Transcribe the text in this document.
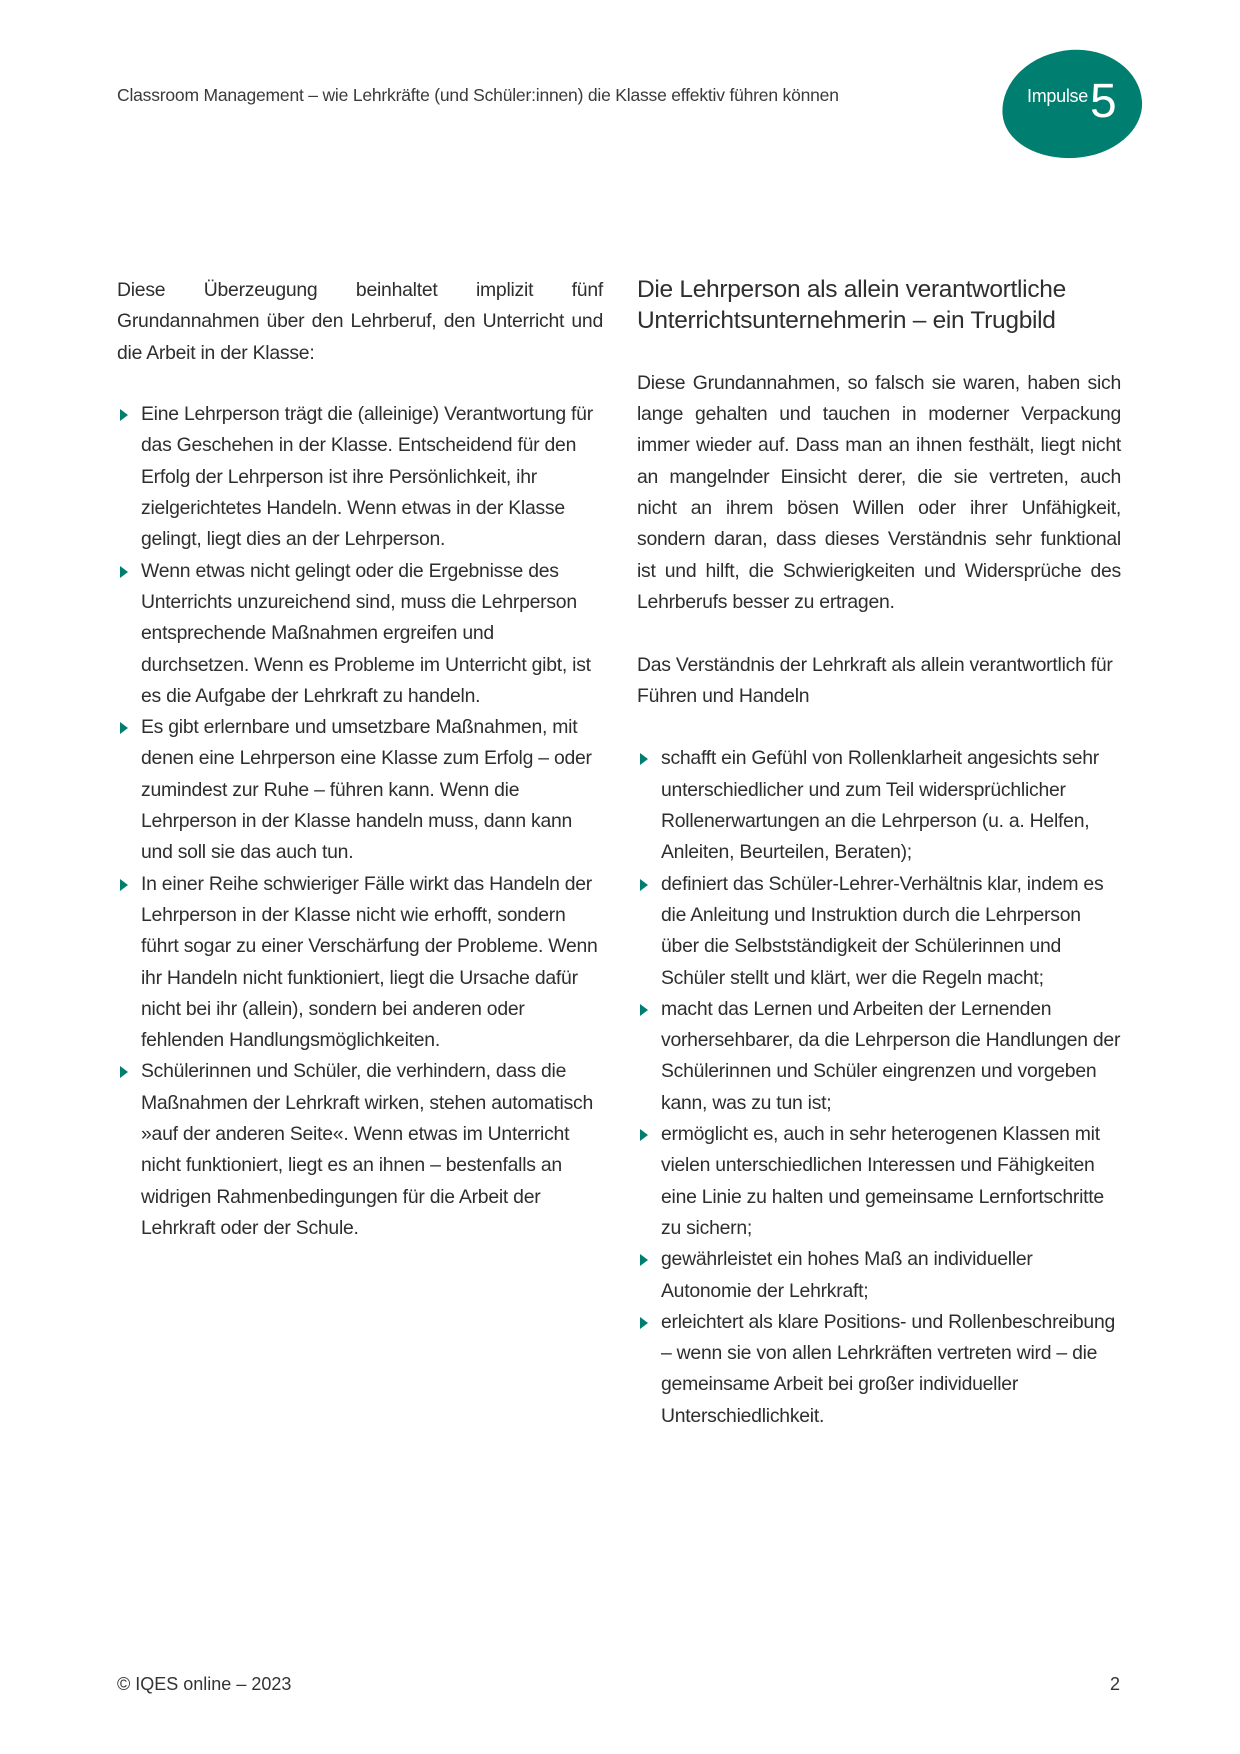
Classroom Management – wie Lehrkräfte (und Schüler:innen) die Klasse effektiv führen können	Impulse 5

Diese Überzeugung beinhaltet implizit fünf Grundannahmen über den Lehrberuf, den Unterricht und die Arbeit in der Klasse:

Eine Lehrperson trägt die (alleinige) Verantwortung für das Geschehen in der Klasse. Entscheidend für den Erfolg der Lehrperson ist ihre Persönlichkeit, ihr zielgerichtetes Handeln. Wenn etwas in der Klasse gelingt, liegt dies an der Lehrperson.
Wenn etwas nicht gelingt oder die Ergebnisse des Unterrichts unzureichend sind, muss die Lehrperson entsprechende Maßnahmen ergreifen und durchsetzen. Wenn es Probleme im Unterricht gibt, ist es die Aufgabe der Lehrkraft zu handeln.
Es gibt erlernbare und umsetzbare Maßnahmen, mit denen eine Lehrperson eine Klasse zum Erfolg – oder zumindest zur Ruhe – führen kann. Wenn die Lehrperson in der Klasse handeln muss, dann kann und soll sie das auch tun.
In einer Reihe schwieriger Fälle wirkt das Handeln der Lehrperson in der Klasse nicht wie erhofft, sondern führt sogar zu einer Verschärfung der Probleme. Wenn ihr Handeln nicht funktioniert, liegt die Ursache dafür nicht bei ihr (allein), sondern bei anderen oder fehlenden Handlungsmöglichkeiten.
Schülerinnen und Schüler, die verhindern, dass die Maßnahmen der Lehrkraft wirken, stehen automatisch »auf der anderen Seite«. Wenn etwas im Unterricht nicht funktioniert, liegt es an ihnen – bestenfalls an widrigen Rahmenbedingungen für die Arbeit der Lehrkraft oder der Schule.
Die Lehrperson als allein verantwortliche Unterrichtsunternehmerin – ein Trugbild

Diese Grundannahmen, so falsch sie waren, haben sich lange gehalten und tauchen in moderner Verpackung immer wieder auf. Dass man an ihnen festhält, liegt nicht an mangelnder Einsicht derer, die sie vertreten, auch nicht an ihrem bösen Willen oder ihrer Unfähigkeit, sondern daran, dass dieses Verständnis sehr funktional ist und hilft, die Schwierigkeiten und Widersprüche des Lehrberufs besser zu ertragen.

Das Verständnis der Lehrkraft als allein verantwortlich für Führen und Handeln

schafft ein Gefühl von Rollenklarheit angesichts sehr unterschiedlicher und zum Teil widersprüchlicher Rollenerwartungen an die Lehrperson (u. a. Helfen, Anleiten, Beurteilen, Beraten);
definiert das Schüler-Lehrer-Verhältnis klar, indem es die Anleitung und Instruktion durch die Lehrperson über die Selbstständigkeit der Schülerinnen und Schüler stellt und klärt, wer die Regeln macht;
macht das Lernen und Arbeiten der Lernenden vorhersehbarer, da die Lehrperson die Handlungen der Schülerinnen und Schüler eingrenzen und vorgeben kann, was zu tun ist;
ermöglicht es, auch in sehr heterogenen Klassen mit vielen unterschiedlichen Interessen und Fähigkeiten eine Linie zu halten und gemeinsame Lernfortschritte zu sichern;
gewährleistet ein hohes Maß an individueller Autonomie der Lehrkraft;
erleichtert als klare Positions- und Rollenbeschreibung – wenn sie von allen Lehrkräften vertreten wird – die gemeinsame Arbeit bei großer individueller Unterschiedlichkeit.
© IQES online – 2023	2
